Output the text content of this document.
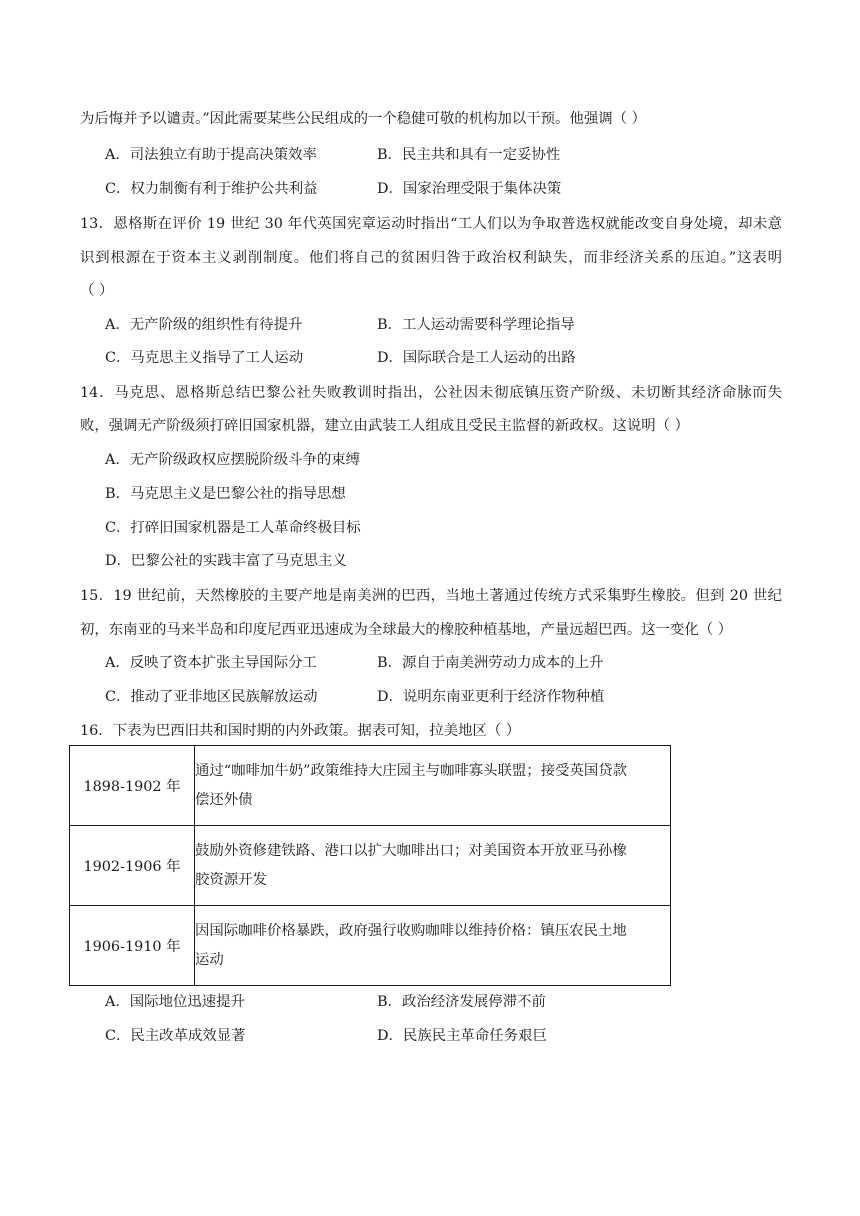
为后悔并予以谴责。”因此需要某些公民组成的一个稳健可敬的机构加以干预。他强调（ ）
A．司法独立有助于提高决策效率	B．民主共和具有一定妥协性
C．权力制衡有利于维护公共利益	D．国家治理受限于集体决策
13．恩格斯在评价 19 世纪 30 年代英国宪章运动时指出“工人们以为争取普选权就能改变自身处境，却未意
识到根源在于资本主义剥削制度。他们将自己的贫困归咎于政治权利缺失，而非经济关系的压迫。”这表明
（ ）
A．无产阶级的组织性有待提升	B．工人运动需要科学理论指导
C．马克思主义指导了工人运动	D．国际联合是工人运动的出路
14．马克思、恩格斯总结巴黎公社失败教训时指出，公社因未彻底镇压资产阶级、未切断其经济命脉而失
败，强调无产阶级须打碎旧国家机器，建立由武装工人组成且受民主监督的新政权。这说明（ ）
A．无产阶级政权应摆脱阶级斗争的束缚
B．马克思主义是巴黎公社的指导思想
C．打碎旧国家机器是工人革命终极目标
D．巴黎公社的实践丰富了马克思主义
15．19 世纪前，天然橡胶的主要产地是南美洲的巴西，当地土著通过传统方式采集野生橡胶。但到 20 世纪
初，东南亚的马来半岛和印度尼西亚迅速成为全球最大的橡胶种植基地，产量远超巴西。这一变化（ ）
A．反映了资本扩张主导国际分工	B．源自于南美洲劳动力成本的上升
C．推动了亚非地区民族解放运动	D．说明东南亚更利于经济作物种植
16．下表为巴西旧共和国时期的内外政策。据表可知，拉美地区（ ）
1898-1902 年	通过“咖啡加牛奶”政策维持大庄园主与咖啡寡头联盟；接受英国贷款
偿还外债

1902-1906 年	鼓励外资修建铁路、港口以扩大咖啡出口；对美国资本开放亚马孙橡
胶资源开发

1906-1910 年	因国际咖啡价格暴跌，政府强行收购咖啡以维持价格：镇压农民土地
运动
A．国际地位迅速提升	B．政治经济发展停滞不前
C．民主改革成效显著	D．民族民主革命任务艰巨
